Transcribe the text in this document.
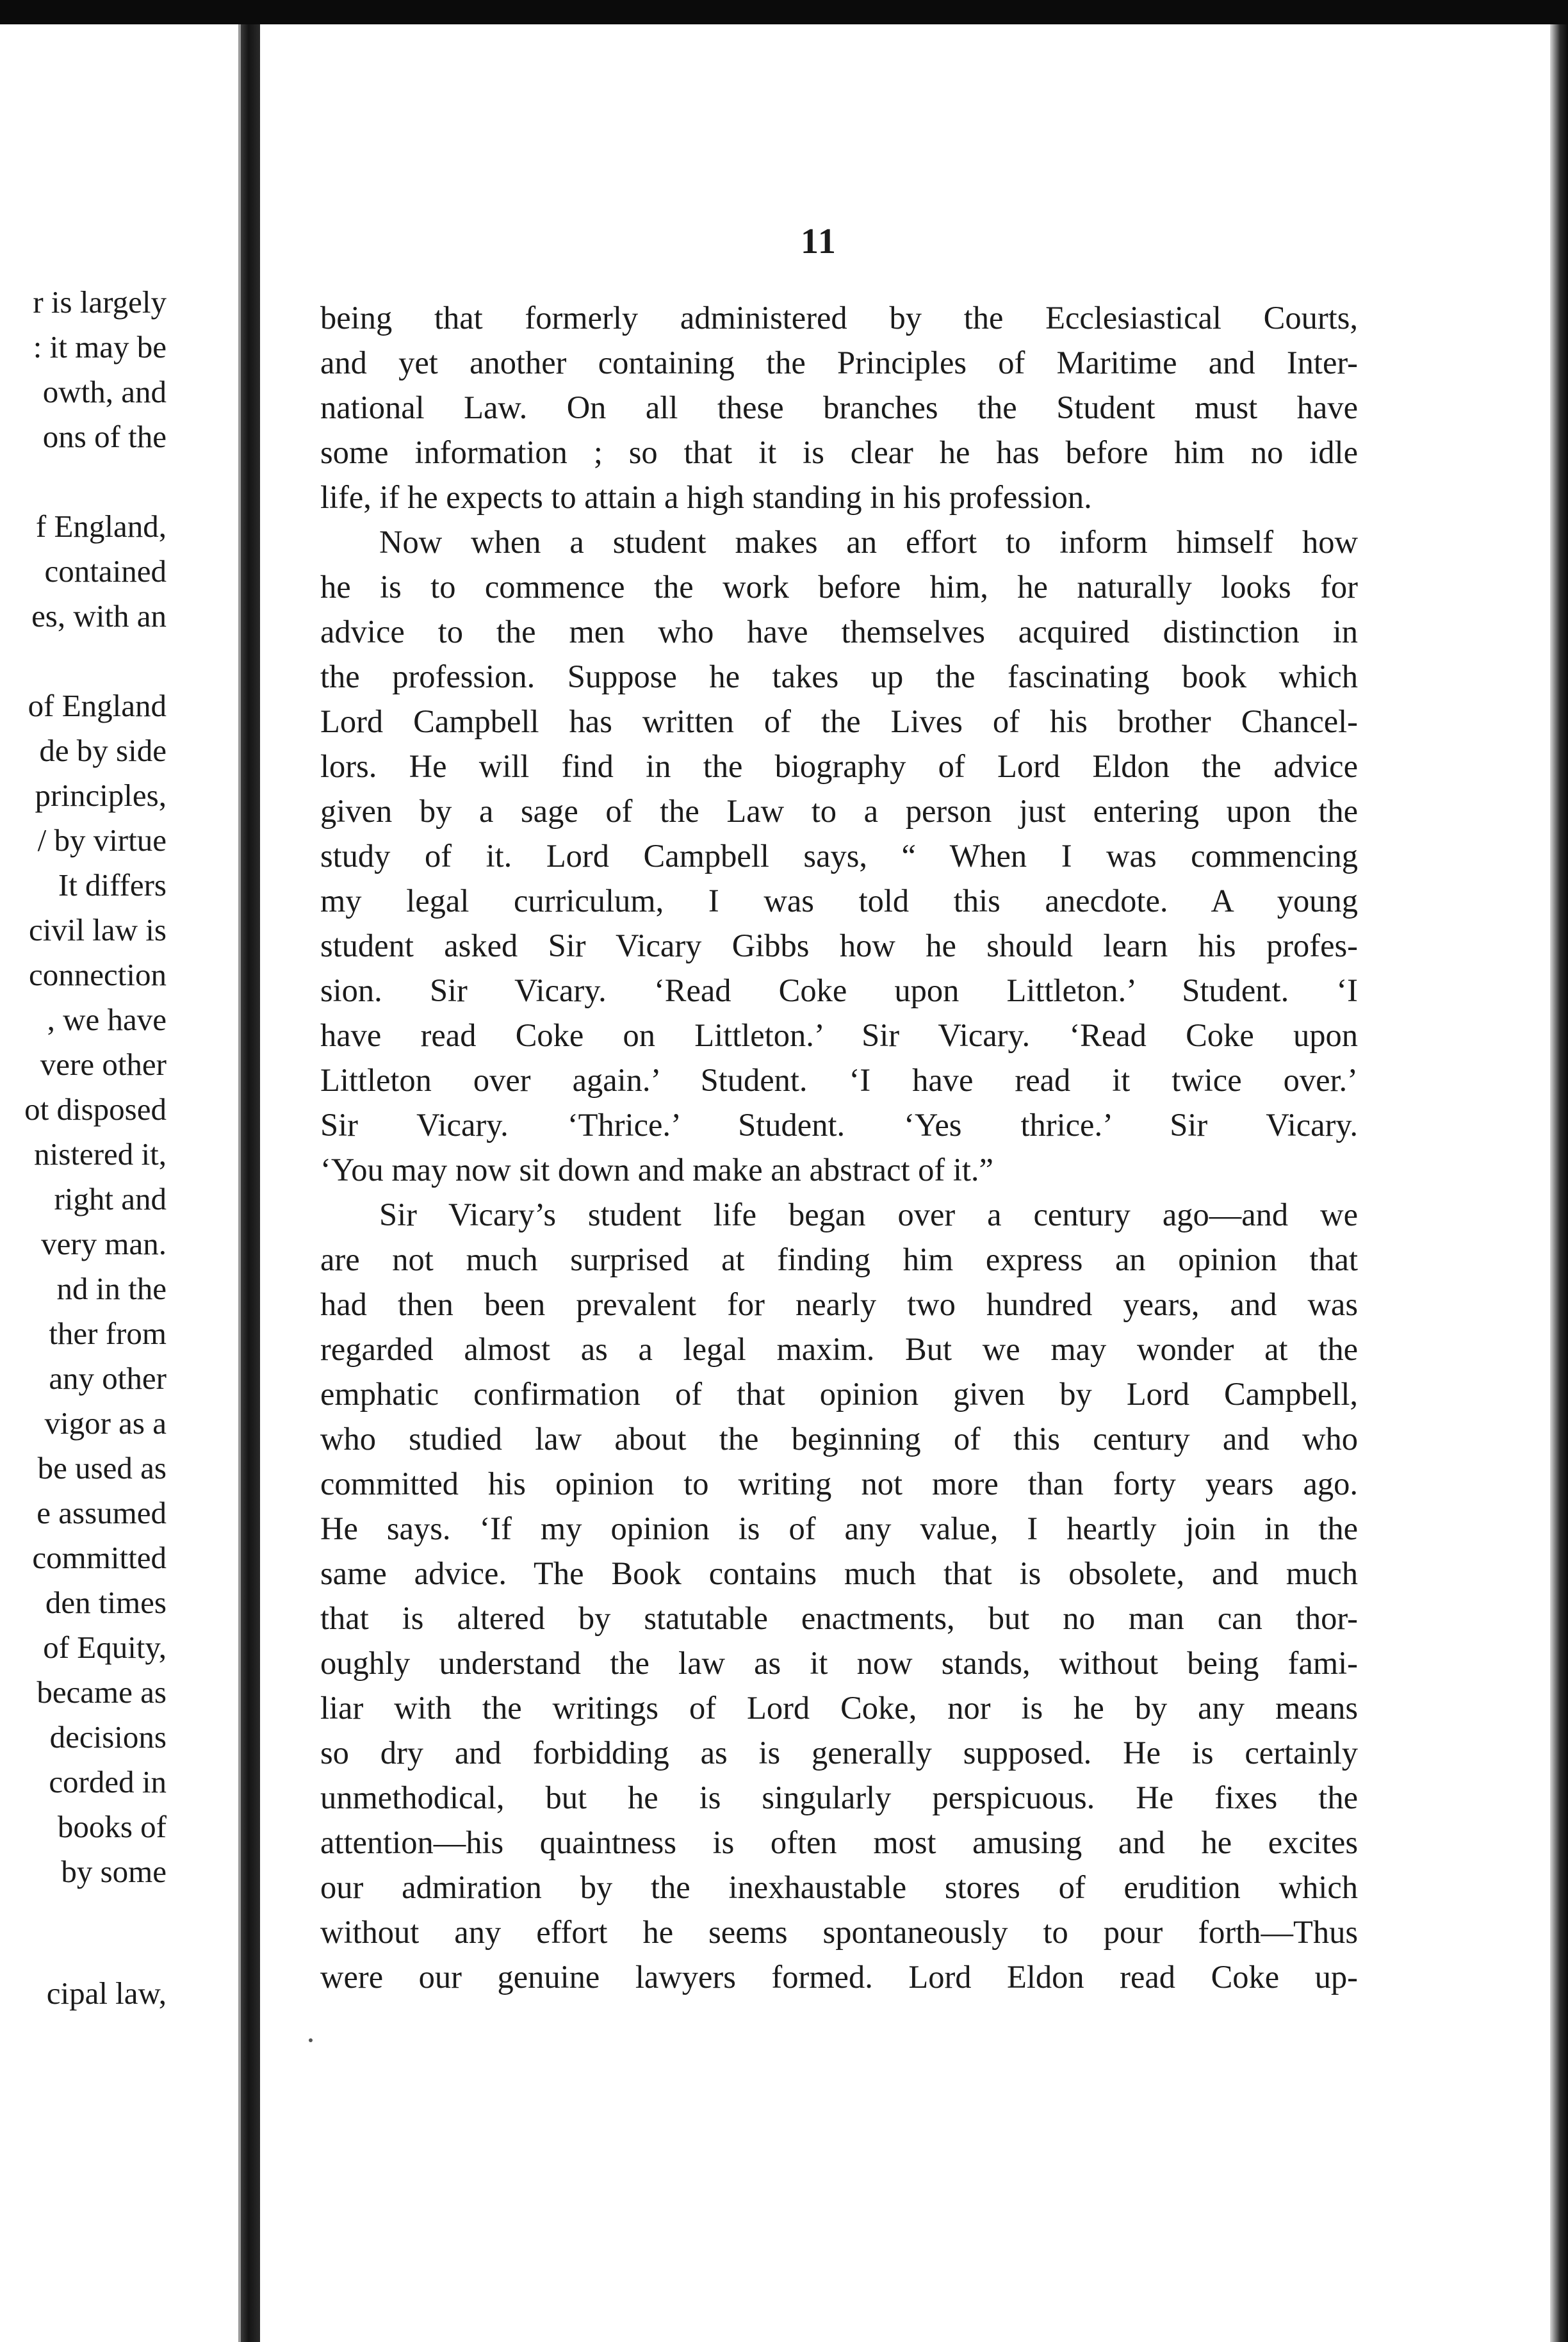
r is largely
: it may be
owth, and
ons of the
f England,
contained
es, with an
of England
de by side
principles,
/ by virtue
It differs
civil law is
connection
, we have
vere other
ot disposed
nistered it,
right and
very man.
nd in the
ther from
any other
vigor as a
be used as
e assumed
committed
den times
of Equity,
became as
decisions
corded in
books of
by some
cipal law,
11
being that formerly administered by the Ecclesiastical Courts,
and yet another containing the Principles of Maritime and Inter-
national Law. On all these branches the Student must have
some information ; so that it is clear he has before him no idle
life, if he expects to attain a high standing in his profession.
Now when a student makes an effort to inform himself how
he is to commence the work before him, he naturally looks for
advice to the men who have themselves acquired distinction in
the profession. Suppose he takes up the fascinating book which
Lord Campbell has written of the Lives of his brother Chancel-
lors. He will find in the biography of Lord Eldon the advice
given by a sage of the Law to a person just entering upon the
study of it. Lord Campbell says, “ When I was commencing
my legal curriculum, I was told this anecdote. A young
student asked Sir Vicary Gibbs how he should learn his profes-
sion. Sir Vicary. ‘Read Coke upon Littleton.’ Student. ‘I
have read Coke on Littleton.’ Sir Vicary. ‘Read Coke upon
Littleton over again.’ Student. ‘I have read it twice over.’
Sir Vicary. ‘Thrice.’ Student. ‘Yes thrice.’ Sir Vicary.
‘You may now sit down and make an abstract of it.”
Sir Vicary’s student life began over a century ago—and we
are not much surprised at finding him express an opinion that
had then been prevalent for nearly two hundred years, and was
regarded almost as a legal maxim. But we may wonder at the
emphatic confirmation of that opinion given by Lord Campbell,
who studied law about the beginning of this century and who
committed his opinion to writing not more than forty years ago.
He says. ‘If my opinion is of any value, I heartly join in the
same advice. The Book contains much that is obsolete, and much
that is altered by statutable enactments, but no man can thor-
oughly understand the law as it now stands, without being fami-
liar with the writings of Lord Coke, nor is he by any means
so dry and forbidding as is generally supposed. He is certainly
unmethodical, but he is singularly perspicuous. He fixes the
attention—his quaintness is often most amusing and he excites
our admiration by the inexhaustable stores of erudition which
without any effort he seems spontaneously to pour forth—Thus
were our genuine lawyers formed. Lord Eldon read Coke up-
